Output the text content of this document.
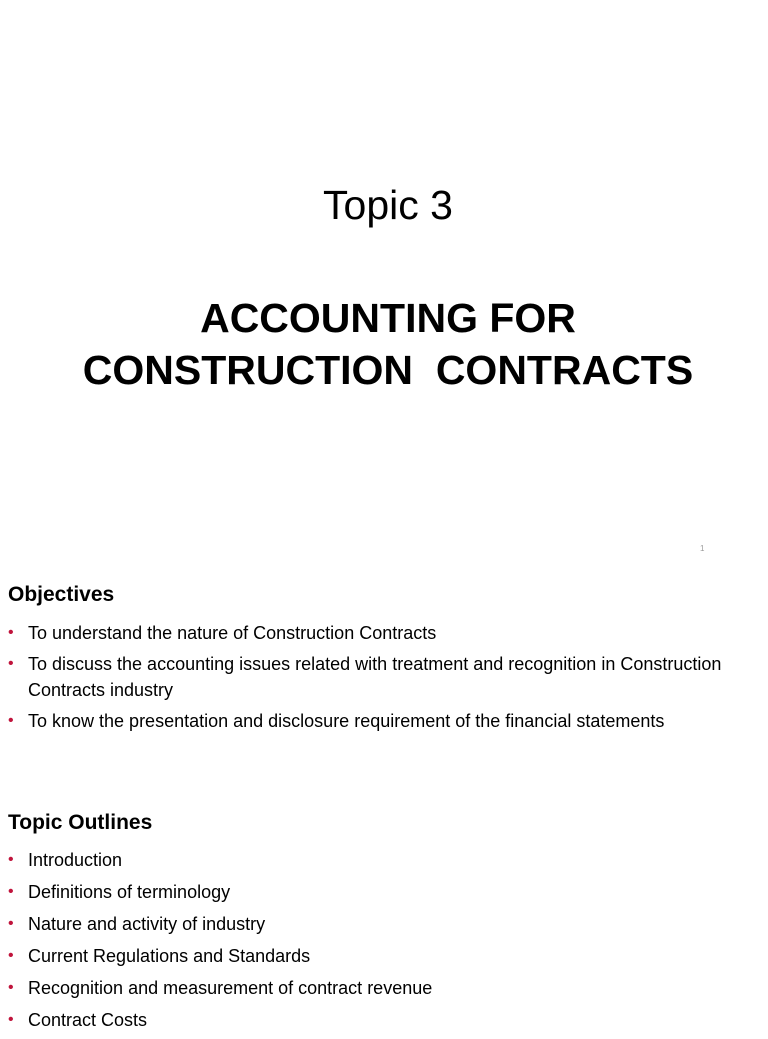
Topic 3
ACCOUNTING FOR
CONSTRUCTION  CONTRACTS
1
Objectives
• To understand the nature of Construction Contracts
• To discuss the accounting issues related with treatment and recognition in Construction Contracts industry
• To know the presentation and disclosure requirement of the financial statements
Topic Outlines
• Introduction
• Definitions of terminology
• Nature and activity of industry
• Current Regulations and Standards
• Recognition and measurement of contract revenue
• Contract Costs
